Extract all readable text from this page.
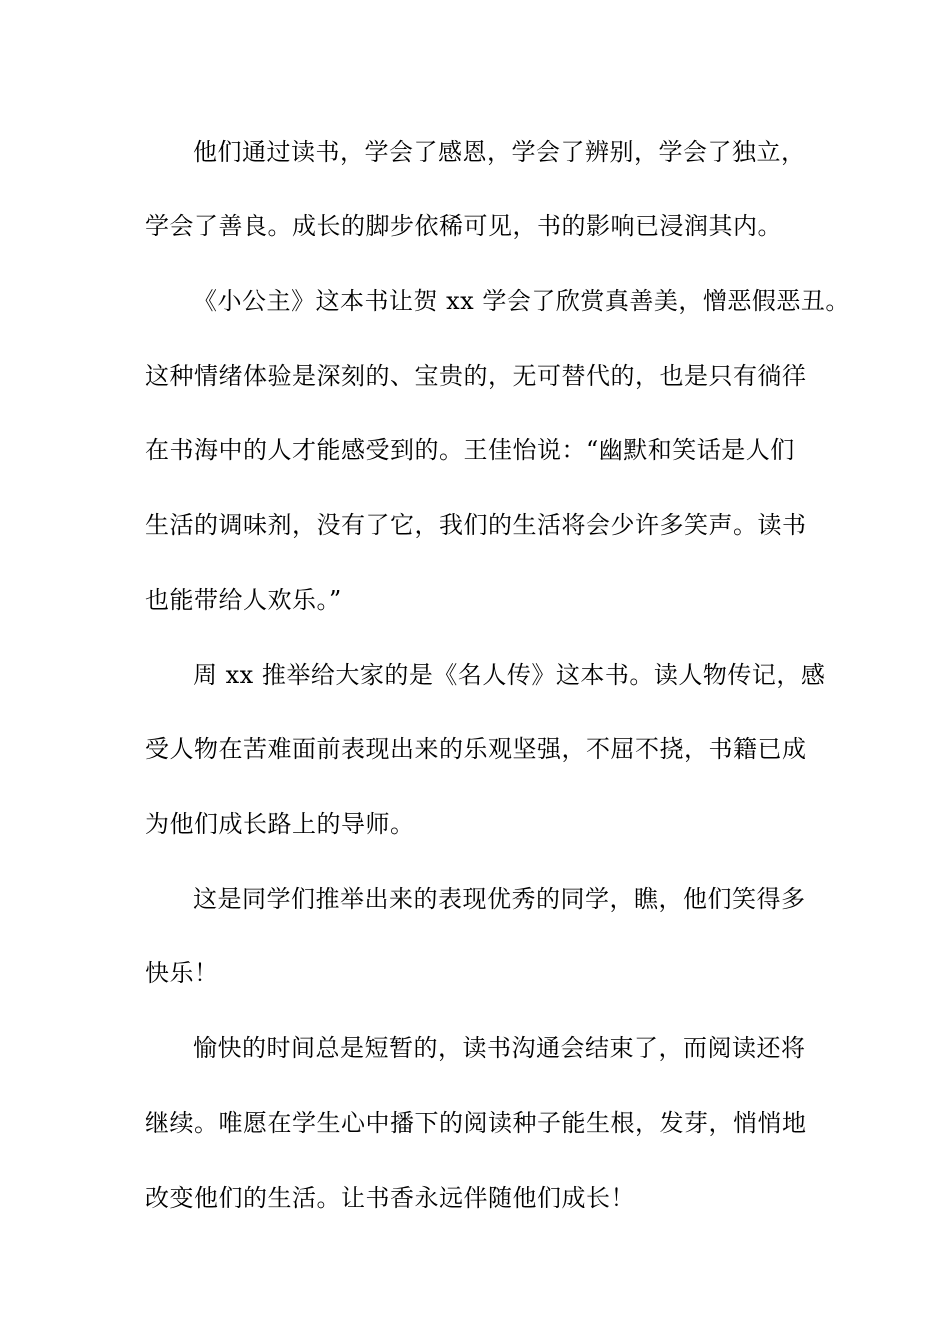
他们通过读书，学会了感恩，学会了辨别，学会了独立，
学会了善良。成长的脚步依稀可见，书的影响已浸润其内。
《小公主》这本书让贺 xx 学会了欣赏真善美，憎恶假恶丑。
这种情绪体验是深刻的、宝贵的，无可替代的，也是只有徜徉
在书海中的人才能感受到的。王佳怡说：“幽默和笑话是人们
生活的调味剂，没有了它，我们的生活将会少许多笑声。读书
也能带给人欢乐。”
周 xx 推举给大家的是《名人传》这本书。读人物传记，感
受人物在苦难面前表现出来的乐观坚强，不屈不挠，书籍已成
为他们成长路上的导师。
这是同学们推举出来的表现优秀的同学，瞧，他们笑得多
快乐！
愉快的时间总是短暂的，读书沟通会结束了，而阅读还将
继续。唯愿在学生心中播下的阅读种子能生根，发芽，悄悄地
改变他们的生活。让书香永远伴随他们成长！
